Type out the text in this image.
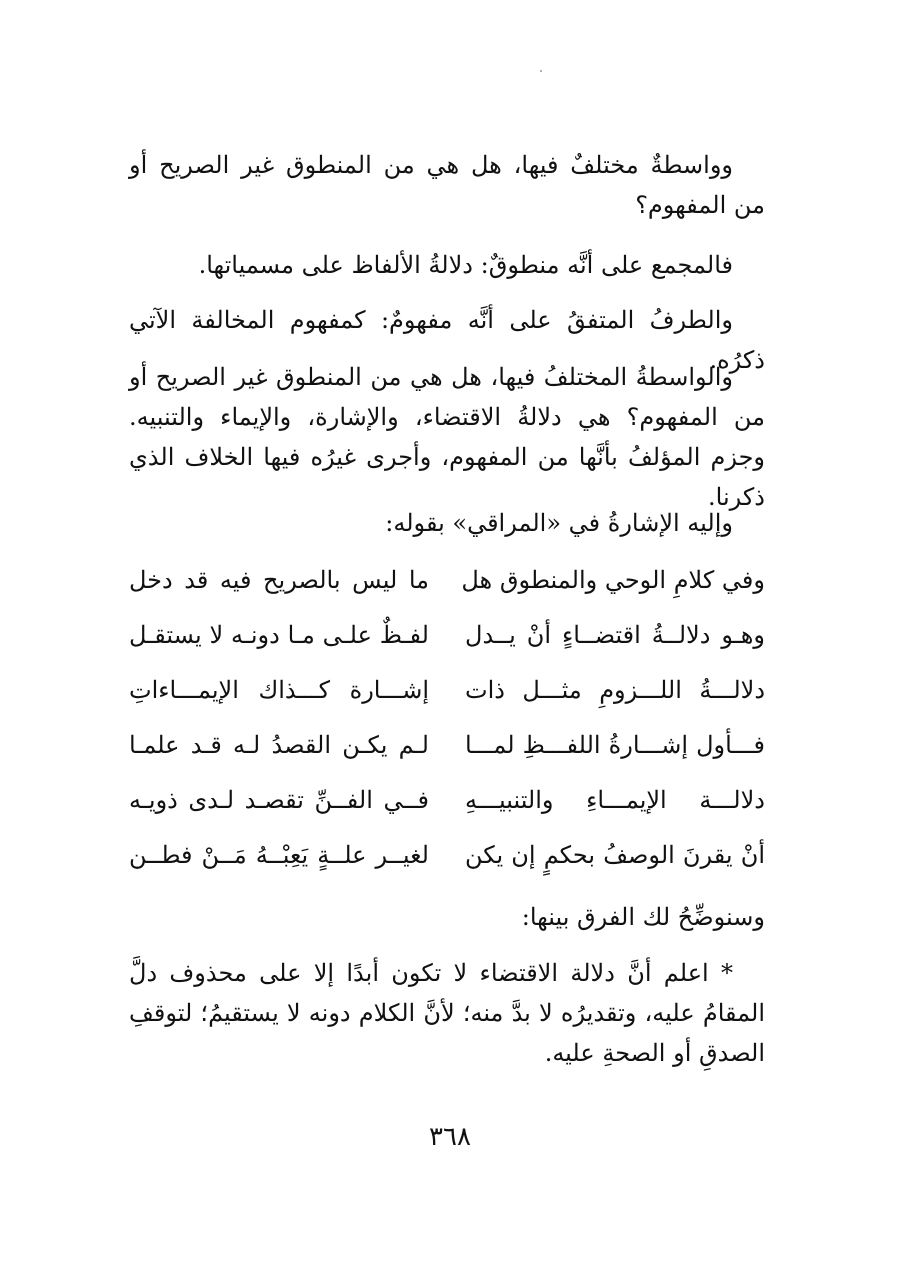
وواسطةٌ مختلفٌ فيها، هل هي من المنطوق غير الصريح أو من المفهوم؟

فالمجمع على أنَّه منطوقٌ: دلالةُ الألفاظ على مسمياتها.

والطرفُ المتفقُ على أنَّه مفهومٌ: كمفهوم المخالفة الآتي ذكرُه.

والواسطةُ المختلفُ فيها، هل هي من المنطوق غير الصريح أو من المفهوم؟ هي دلالةُ الاقتضاء، والإشارة، والإيماء والتنبيه. وجزم المؤلفُ بأنَّها من المفهوم، وأجرى غيرُه فيها الخلاف الذي ذكرنا.

وإليه الإشارةُ في «المراقي» بقوله:

وفي كلامِ الوحي والمنطوق هل
ما ليس بالصريح فيه قد دخل
وهـو دلالــةُ اقتضــاءٍ أنْ يــدل
لفـظٌ علـى مـا دونـه لا يستقـل
دلالـــةُ اللـــزومِ مثـــل ذات
إشـــارة كـــذاك الإيمـــاءاتِ
فـــأول إشـــارةُ اللفـــظِ لمـــا
لـم يكـن القصدُ لـه قـد علمـا
دلالـــة الإيمـــاءِ والتنبيـــهِ
فــي الفــنِّ تقصـد لـدى ذويـه
أنْ يقرنَ الوصفُ بحكمٍ إن يكن
لغيــر علــةٍ يَعِبْــهُ مَــنْ فطــن

وسنوضِّحُ لك الفرق بينها:

* اعلم أنَّ دلالة الاقتضاء لا تكون أبدًا إلا على محذوف دلَّ المقامُ عليه، وتقديرُه لا بدَّ منه؛ لأنَّ الكلام دونه لا يستقيمُ؛ لتوقفِ الصدقِ أو الصحةِ عليه.

٣٦٨
